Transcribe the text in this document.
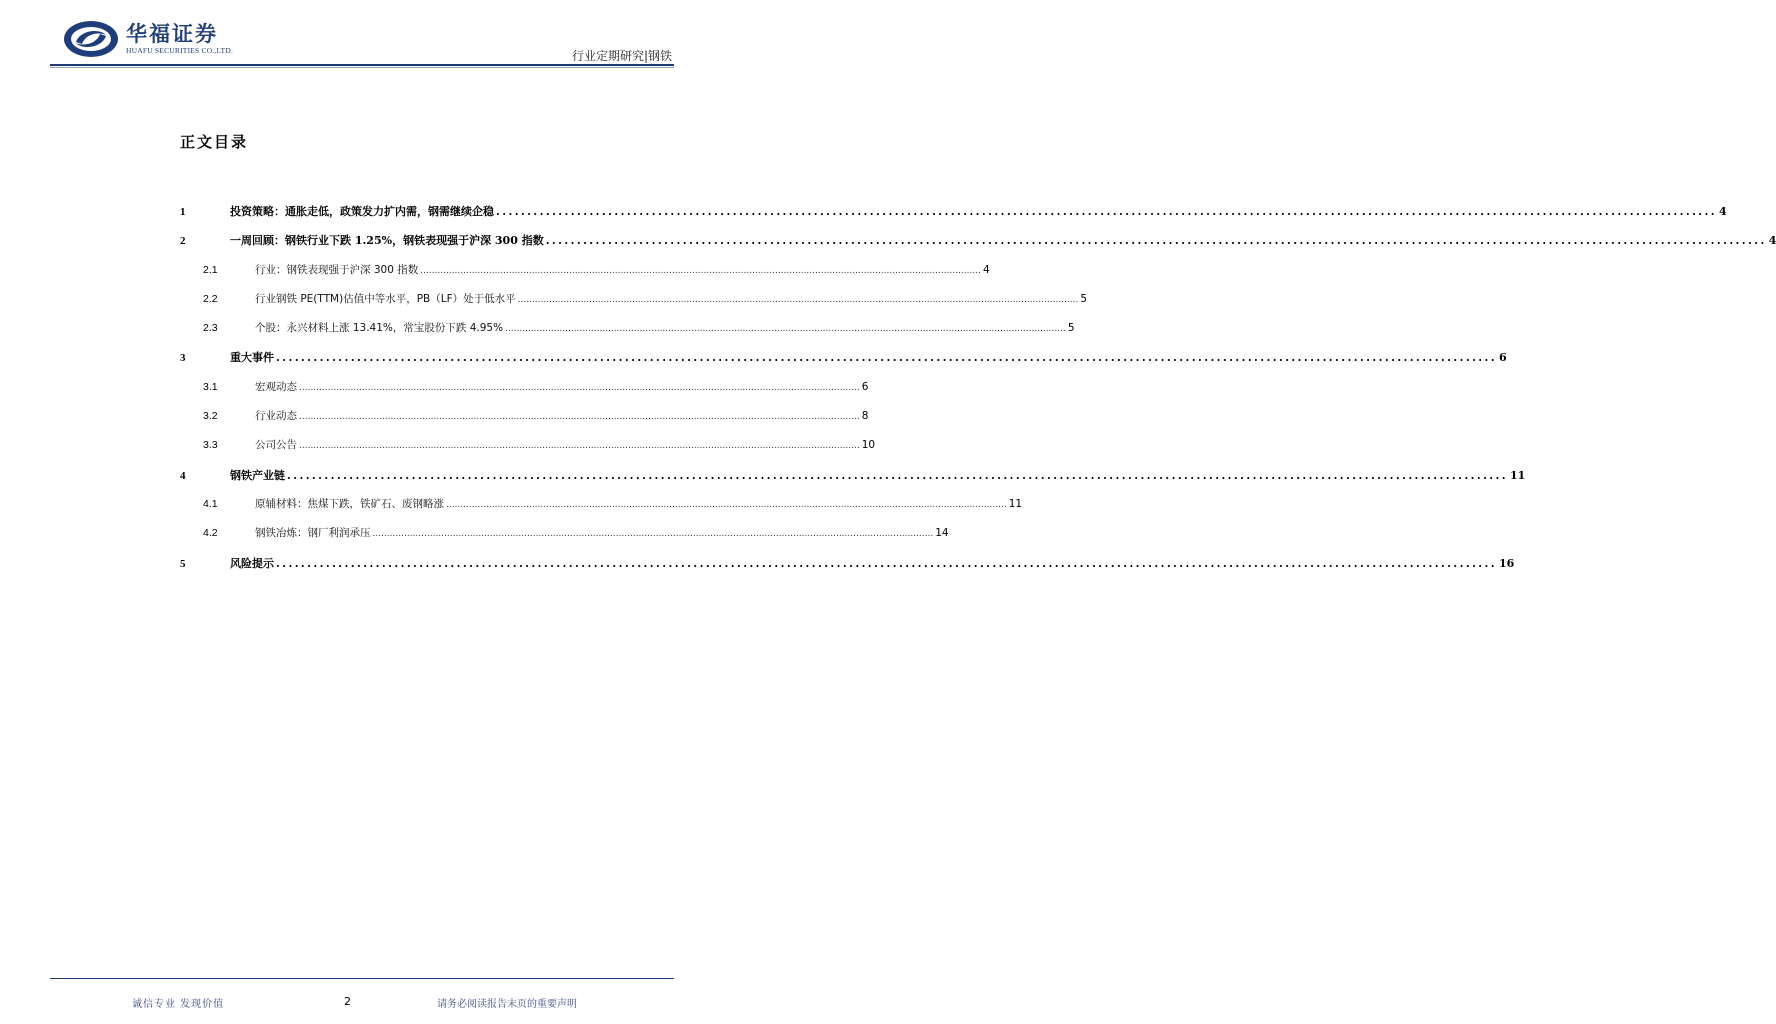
华福证券
HUAFU SECURITIES CO.,LTD.	行业定期研究|钢铁
正文目录
1	投资策略：通胀走低，政策发力扩内需，钢需继续企稳 .....	4
2	一周回顾：钢铁行业下跌 1.25%，钢铁表现强于沪深 300 指数 .....	4
2.1	行业：钢铁表现强于沪深 300 指数 .....	4
2.2	行业钢铁 PE(TTM)估值中等水平，PB（LF）处于低水平 .....	5
2.3	个股：永兴材料上涨 13.41%，常宝股份下跌 4.95% .....	5
3	重大事件 .....	6
3.1	宏观动态 .....	6
3.2	行业动态 .....	8
3.3	公司公告 .....	10
4	钢铁产业链 .....	11
4.1	原辅材料：焦煤下跌，铁矿石、废钢略涨 .....	11
4.2	钢铁冶炼：钢厂利润承压 .....	14
5	风险提示 .....	16
诚信专业 发现价值	2	请务必阅读报告末页的重要声明
